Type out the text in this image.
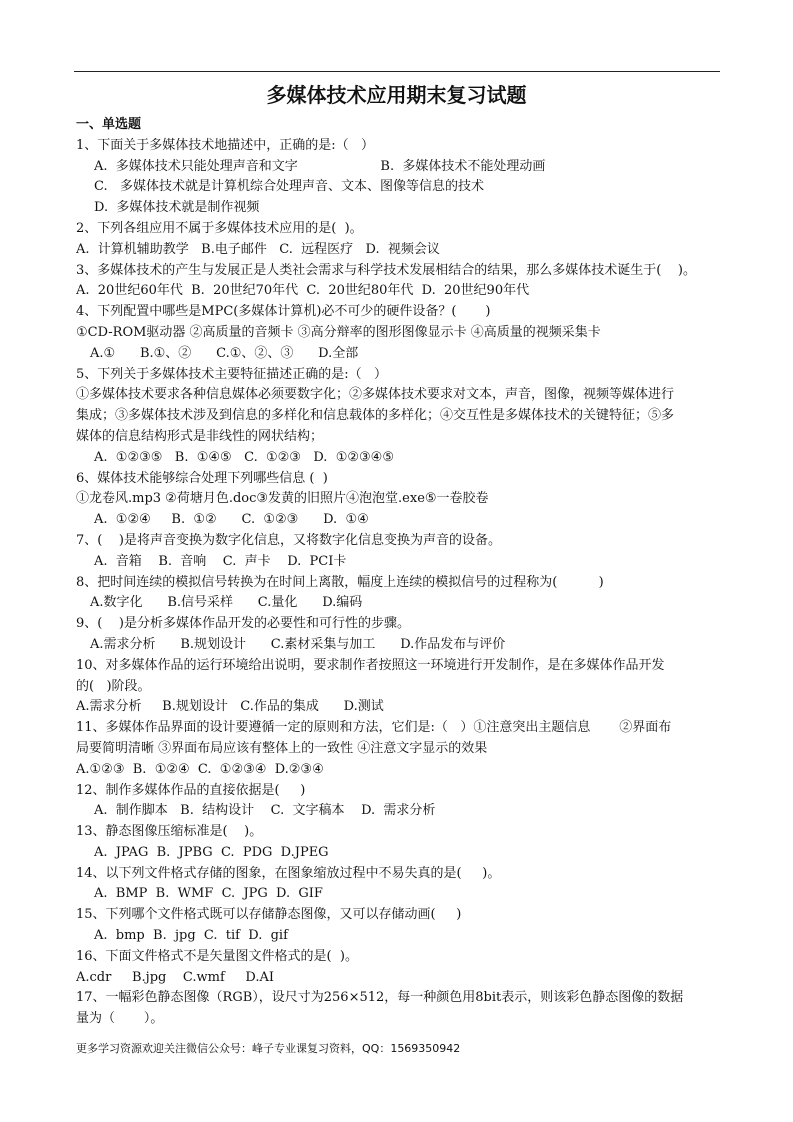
多媒体技术应用期末复习试题
一、单选题
1、下面关于多媒体技术地描述中，正确的是:（   ）
A.  多媒体技术只能处理声音和文字                    B.  多媒体技术不能处理动画
C.   多媒体技术就是计算机综合处理声音、文本、图像等信息的技术
D.  多媒体技术就是制作视频
2、下列各组应用不属于多媒体技术应用的是(  )。
A.  计算机辅助教学   B.电子邮件   C.  远程医疗   D.  视频会议
3、多媒体技术的产生与发展正是人类社会需求与科学技术发展相结合的结果，那么多媒体技术诞生于(    )。
A.  20世纪60年代  B.  20世纪70年代  C.  20世纪80年代  D.  20世纪90年代
4、下列配置中哪些是MPC(多媒体计算机)必不可少的硬件设备？(       )
①CD-ROM驱动器 ②高质量的音频卡 ③高分辩率的图形图像显示卡 ④高质量的视频采集卡
A.①      B.①、②      C.①、②、③      D.全部
5、下列关于多媒体技术主要特征描述正确的是:（   ）
①多媒体技术要求各种信息媒体必须要数字化；②多媒体技术要求对文本，声音，图像，视频等媒体进行
集成；③多媒体技术涉及到信息的多样化和信息载体的多样化；④交互性是多媒体技术的关键特征；⑤多
媒体的信息结构形式是非线性的网状结构；
A.  ①②③⑤   B.  ①④⑤   C.  ①②③   D.  ①②③④⑤
6、媒体技术能够综合处理下列哪些信息 (  )
①龙卷风.mp3 ②荷塘月色.doc③发黄的旧照片④泡泡堂.exe⑤一卷胶卷
A.  ①②④     B.  ①②      C.  ①②③      D.  ①④
7、(    )是将声音变换为数字化信息，又将数字化信息变换为声音的设备。
A.  音箱    B.  音响    C.  声卡    D.  PCI卡
8、把时间连续的模拟信号转换为在时间上离散，幅度上连续的模拟信号的过程称为(          )
A.数字化      B.信号采样      C.量化      D.编码
9、(    )是分析多媒体作品开发的必要性和可行性的步骤。
A.需求分析      B.规划设计      C.素材采集与加工      D.作品发布与评价
10、对多媒体作品的运行环境给出说明，要求制作者按照这一环境进行开发制作，是在多媒体作品开发
的(   )阶段。
A.需求分析     B.规划设计   C.作品的集成      D.测试
11、多媒体作品界面的设计要遵循一定的原则和方法，它们是:（   ）①注意突出主题信息       ②界面布
局要简明清晰 ③界面布局应该有整体上的一致性 ④注意文字显示的效果
A.①②③  B.  ①②④  C.  ①②③④  D.②③④
12、制作多媒体作品的直接依据是(     )
A.  制作脚本   B.  结构设计    C.  文字稿本    D.  需求分析
13、静态图像压缩标准是(    )。
A.  JPAG  B.  JPBG  C.  PDG  D.JPEG
14、以下列文件格式存储的图象，在图象缩放过程中不易失真的是(     )。
A.  BMP  B.  WMF  C.  JPG  D.  GIF
15、下列哪个文件格式既可以存储静态图像，又可以存储动画(     )
A.  bmp  B.  jpg  C.  tif  D.  gif
16、下面文件格式不是矢量图文件格式的是(  )。
A.cdr     B.jpg    C.wmf     D.AI
17、一幅彩色静态图像（RGB），设尺寸为256×512，每一种颜色用8bit表示，则该彩色静态图像的数据
量为（       ）。
更多学习资源欢迎关注微信公众号：峰子专业课复习资料，QQ：1569350942
